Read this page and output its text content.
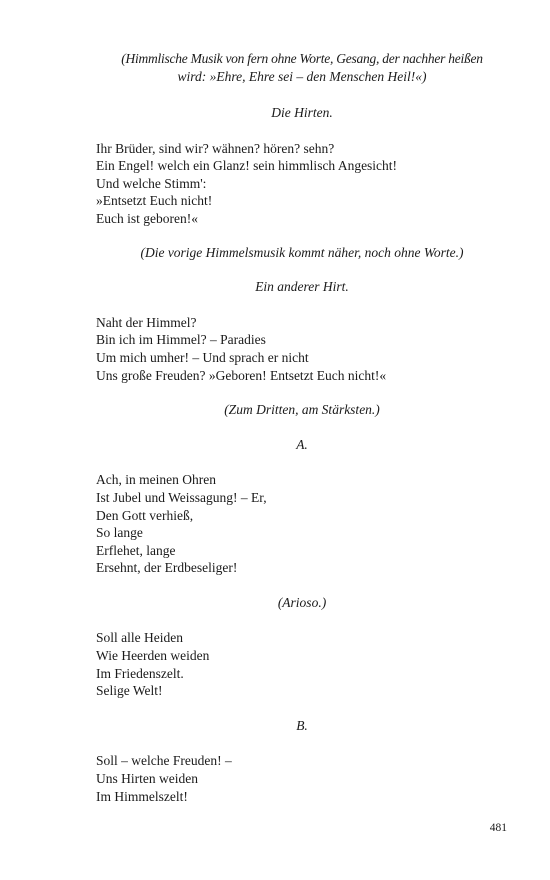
(Himmlische Musik von fern ohne Worte, Gesang, der nachher heißen
wird: »Ehre, Ehre sei – den Menschen Heil!«)
Die Hirten.
Ihr Brüder, sind wir? wähnen? hören? sehn?
Ein Engel! welch ein Glanz! sein himmlisch Angesicht!
Und welche Stimm':
»Entsetzt Euch nicht!
Euch ist geboren!«
(Die vorige Himmelsmusik kommt näher, noch ohne Worte.)
Ein anderer Hirt.
Naht der Himmel?
Bin ich im Himmel? – Paradies
Um mich umher! – Und sprach er nicht
Uns große Freuden? »Geboren! Entsetzt Euch nicht!«
(Zum Dritten, am Stärksten.)
A.
Ach, in meinen Ohren
Ist Jubel und Weissagung! – Er,
Den Gott verhieß,
So lange
Erflehet, lange
Ersehnt, der Erdbeseliger!
(Arioso.)
Soll alle Heiden
Wie Heerden weiden
Im Friedenszelt.
Selige Welt!
B.
Soll – welche Freuden! –
Uns Hirten weiden
Im Himmelszelt!
481
